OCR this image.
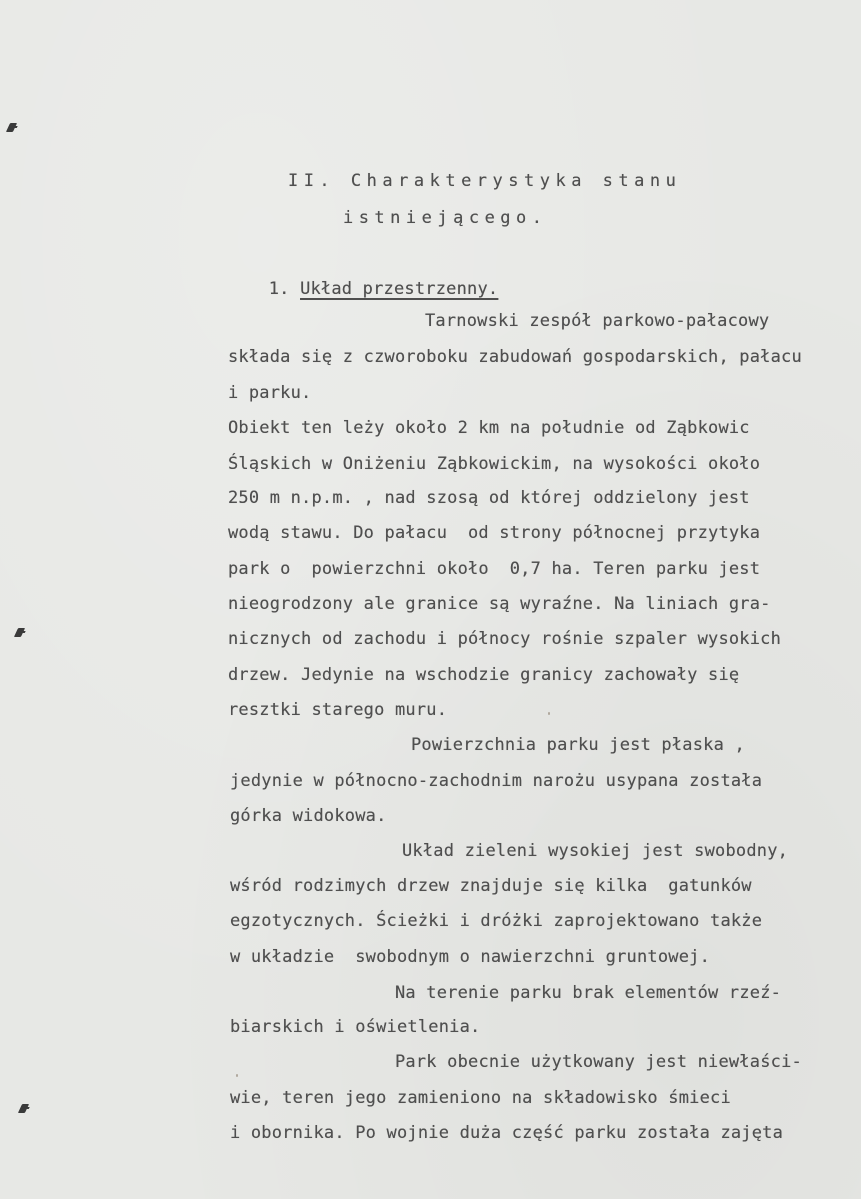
II. Charakterystyka stanu

istniejącego.

1. Układ przestrzenny.

Tarnowski zespół parkowo-pałacowy
składa się z czworoboku zabudowań gospodarskich, pałacu
i parku.
Obiekt ten leży około 2 km na południe od Ząbkowic
Śląskich w Oniżeniu Ząbkowickim, na wysokości około
250 m n.p.m. , nad szosą od której oddzielony jest
wodą stawu. Do pałacu  od strony północnej przytyka
park o  powierzchni około  0,7 ha. Teren parku jest
nieogrodzony ale granice są wyraźne. Na liniach gra-
nicznych od zachodu i północy rośnie szpaler wysokich
drzew. Jedynie na wschodzie granicy zachowały się
resztki starego muru.
Powierzchnia parku jest płaska ,
jedynie w północno-zachodnim narożu usypana została
górka widokowa.
Układ zieleni wysokiej jest swobodny,
wśród rodzimych drzew znajduje się kilka  gatunków
egzotycznych. Ścieżki i dróżki zaprojektowano także
w układzie  swobodnym o nawierzchni gruntowej.
Na terenie parku brak elementów rzeź-
biarskich i oświetlenia.
Park obecnie użytkowany jest niewłaści-
wie, teren jego zamieniono na składowisko śmieci
i obornika. Po wojnie duża część parku została zajęta
